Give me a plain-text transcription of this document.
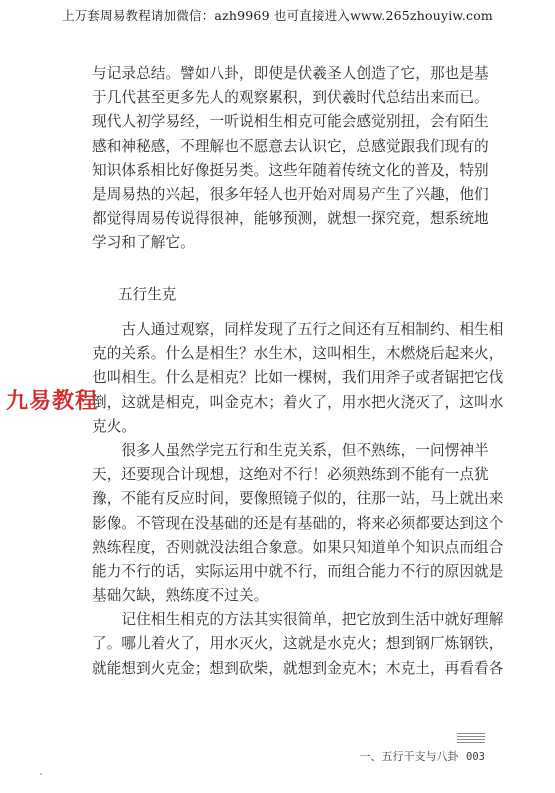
上万套周易教程请加微信：azh9969 也可直接进入www.265zhouyiw.com
与记录总结。譬如八卦，即使是伏羲圣人创造了它，那也是基
于几代甚至更多先人的观察累积，到伏羲时代总结出来而已。
现代人初学易经，一听说相生相克可能会感觉别扭，会有陌生
感和神秘感，不理解也不愿意去认识它，总感觉跟我们现有的
知识体系相比好像挺另类。这些年随着传统文化的普及，特别
是周易热的兴起，很多年轻人也开始对周易产生了兴趣，他们
都觉得周易传说得很神，能够预测，就想一探究竟，想系统地
学习和了解它。
五行生克
　　古人通过观察，同样发现了五行之间还有互相制约、相生相
克的关系。什么是相生？水生木，这叫相生，木燃烧后起来火，
也叫相生。什么是相克？比如一棵树，我们用斧子或者锯把它伐
倒，这就是相克，叫金克木；着火了，用水把火浇灭了，这叫水
克火。
　　很多人虽然学完五行和生克关系，但不熟练，一问愣神半
天，还要现合计现想，这绝对不行！必须熟练到不能有一点犹
豫，不能有反应时间，要像照镜子似的，往那一站，马上就出来
影像。不管现在没基础的还是有基础的，将来必须都要达到这个
熟练程度，否则就没法组合象意。如果只知道单个知识点而组合
能力不行的话，实际运用中就不行，而组合能力不行的原因就是
基础欠缺，熟练度不过关。
　　记住相生相克的方法其实很简单，把它放到生活中就好理解
了。哪儿着火了，用水灭火，这就是水克火；想到钢厂炼钢铁，
就能想到火克金；想到砍柴，就想到金克木；木克土，再看看各
九易教程
一、五行干支与八卦 003
